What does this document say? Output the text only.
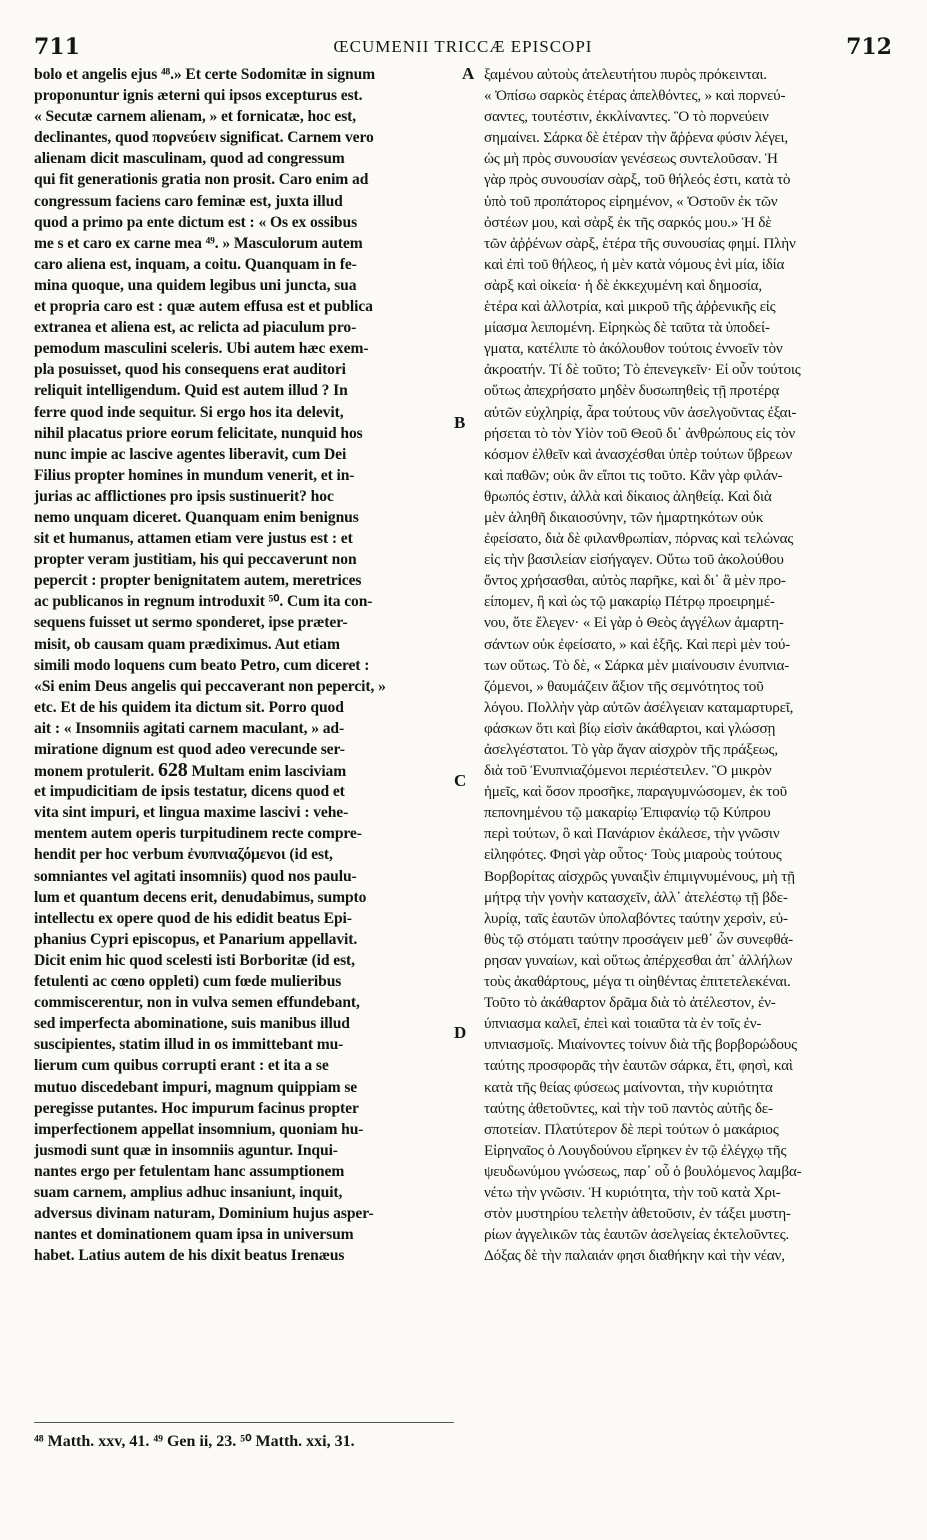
711	ŒCUMENII TRICCÆ EPISCOPI	712
bolo et angelis ejus ⁴⁸.» Et certe Sodomitæ in signum
proponuntur ignis æterni qui ipsos excepturus est.
« Secutæ carnem alienam, » et fornicatæ, hoc est,
declinantes, quod πορνεύειν significat. Carnem vero
alienam dicit masculinam, quod ad congressum
qui fit generationis gratia non prosit. Caro enim ad
congressum faciens caro feminæ est, juxta illud
quod a primo pa ente dictum est : « Os ex ossibus
me s et caro ex carne mea ⁴⁹. » Masculorum autem
caro aliena est, inquam, a coitu. Quanquam in fe-
mina quoque, una quidem legibus uni juncta, sua
et propria caro est : quæ autem effusa est et publica
extranea et aliena est, ac relicta ad piaculum pro-
pemodum masculini sceleris. Ubi autem hæc exem-
pla posuisset, quod his consequens erat auditori
reliquit intelligendum. Quid est autem illud ? In
ferre quod inde sequitur. Si ergo hos ita delevit,
nihil placatus priore eorum felicitate, nunquid hos
nunc impie ac lascive agentes liberavit, cum Dei
Filius propter homines in mundum venerit, et in-
jurias ac afflictiones pro ipsis sustinuerit? hoc
nemo unquam diceret. Quanquam enim benignus
sit et humanus, attamen etiam vere justus est : et
propter veram justitiam, his qui peccaverunt non
pepercit : propter benignitatem autem, meretrices
ac publicanos in regnum introduxit ⁵⁰. Cum ita con-
sequens fuisset ut sermo sponderet, ipse præter-
misit, ob causam quam prædiximus. Aut etiam
simili modo loquens cum beato Petro, cum diceret :
«Si enim Deus angelis qui peccaverant non pepercit, »
etc. Et de his quidem ita dictum sit. Porro quod
ait : « Insomniis agitati carnem maculant, » ad-
miratione dignum est quod adeo verecunde ser-
monem protulerit. 628 Multam enim lasciviam
et impudicitiam de ipsis testatur, dicens quod et
vita sint impuri, et lingua maxime lascivi : vehe-
mentem autem operis turpitudinem recte compre-
hendit per hoc verbum ἐνυπνιαζόμενοι (id est,
somniantes vel agitati insomniis) quod nos paulu-
lum et quantum decens erit, denudabimus, sumpto
intellectu ex opere quod de his edidit beatus Epi-
phanius Cypri episcopus, et Panarium appellavit.
Dicit enim hic quod scelesti isti Borboritæ (id est,
fetulenti ac cœno oppleti) cum fœde mulieribus
commiscerentur, non in vulva semen effundebant,
sed imperfecta abominatione, suis manibus illud
suscipientes, statim illud in os immittebant mu-
lierum cum quibus corrupti erant : et ita a se
mutuo discedebant impuri, magnum quippiam se
peregisse putantes. Hoc impurum facinus propter
imperfectionem appellat insomnium, quoniam hu-
jusmodi sunt quæ in insomniis aguntur. Inqui-
nantes ergo per fetulentam hanc assumptionem
suam carnem, amplius adhuc insaniunt, inquit,
adversus divinam naturam, Dominium hujus asper-
nantes et dominationem quam ipsa in universum
habet. Latius autem de his dixit beatus Irenæus
A
B
C
D
ξαμένου αὐτοὺς ἀτελευτήτου πυρὸς πρόκεινται.
« Ὀπίσω σαρκὸς ἑτέρας ἀπελθόντες, » καὶ πορνεύ-
σαντες, τουτέστιν, ἐκκλίναντες. Ὃ τὸ πορνεύειν
σημαίνει. Σάρκα δὲ ἑτέραν τὴν ἄῤῥενα φύσιν λέγει,
ὡς μὴ πρὸς συνουσίαν γενέσεως συντελοῦσαν. Ἡ
γὰρ πρὸς συνουσίαν σὰρξ, τοῦ θήλεός ἐστι, κατὰ τὸ
ὑπὸ τοῦ προπάτορος εἰρημένον, « Ὀστοῦν ἐκ τῶν
ὀστέων μου, καὶ σὰρξ ἐκ τῆς σαρκός μου.» Ἡ δὲ
τῶν ἀῤῥένων σὰρξ, ἑτέρα τῆς συνουσίας φημί. Πλὴν
καὶ ἐπὶ τοῦ θήλεος, ἡ μὲν κατὰ νόμους ἑνὶ μία, ἰδία
σὰρξ καὶ οἰκεία· ἡ δὲ ἐκκεχυμένη καὶ δημοσία,
ἑτέρα καὶ ἀλλοτρία, καὶ μικροῦ τῆς ἀῤῥενικῆς εἰς
μίασμα λειπομένη. Εἰρηκὼς δὲ ταῦτα τὰ ὑποδεί-
γματα, κατέλιπε τὸ ἀκόλουθον τούτοις ἐννοεῖν τὸν
ἀκροατήν. Τί δὲ τοῦτο; Τὸ ἐπενεγκεῖν· Εἰ οὖν τούτοις
οὕτως ἀπεχρήσατο μηδὲν δυσωπηθεὶς τῇ προτέρᾳ
αὐτῶν εὐχληρίᾳ, ἆρα τούτους νῦν ἀσελγοῦντας ἐξαι-
ρήσεται τὸ τὸν Υἱὸν τοῦ Θεοῦ δι᾽ ἀνθρώπους εἰς τὸν
κόσμον ἐλθεῖν καὶ ἀνασχέσθαι ὑπὲρ τούτων ὕβρεων
καὶ παθῶν; οὐκ ἂν εἴποι τις τοῦτο. Κἂν γὰρ φιλάν-
θρωπός ἐστιν, ἀλλὰ καὶ δίκαιος ἀληθείᾳ. Καὶ διὰ
μὲν ἀληθῆ δικαιοσύνην, τῶν ἡμαρτηκότων οὐκ
ἐφείσατο, διὰ δὲ φιλανθρωπίαν, πόρνας καὶ τελώνας
εἰς τὴν βασιλείαν εἰσήγαγεν. Οὕτω τοῦ ἀκολούθου
ὄντος χρήσασθαι, αὐτὸς παρῆκε, καὶ δι᾽ ἃ μὲν προ-
είπομεν, ἢ καὶ ὡς τῷ μακαρίῳ Πέτρῳ προειρημέ-
νου, ὅτε ἔλεγεν· « Εἰ γὰρ ὁ Θεὸς ἀγγέλων ἁμαρτη-
σάντων οὐκ ἐφείσατο, » καὶ ἑξῆς. Καὶ περὶ μὲν τού-
των οὕτως. Τὸ δὲ, « Σάρκα μὲν μιαίνουσιν ἐνυπνια-
ζόμενοι, » θαυμάζειν ἄξιον τῆς σεμνότητος τοῦ
λόγου. Πολλὴν γὰρ αὐτῶν ἀσέλγειαν καταμαρτυρεῖ,
φάσκων ὅτι καὶ βίῳ εἰσὶν ἀκάθαρτοι, καὶ γλώσσῃ
ἀσελγέστατοι. Τὸ γὰρ ἄγαν αἰσχρὸν τῆς πράξεως,
διὰ τοῦ Ἐνυπνιαζόμενοι περιέστειλεν. Ὃ μικρὸν
ἡμεῖς, καὶ ὅσον προσῆκε, παραγυμνώσομεν, ἐκ τοῦ
πεπονημένου τῷ μακαρίῳ Ἐπιφανίῳ τῷ Κύπρου
περὶ τούτων, ὃ καὶ Πανάριον ἐκάλεσε, τὴν γνῶσιν
εἰληφότες. Φησὶ γὰρ οὗτος· Τοὺς μιαροὺς τούτους
Βορβορίτας αἰσχρῶς γυναιξὶν ἐπιμιγνυμένους, μὴ τῇ
μήτρᾳ τὴν γονὴν κατασχεῖν, ἀλλ᾽ ἀτελέστῳ τῇ βδε-
λυρίᾳ, ταῖς ἑαυτῶν ὑπολαβόντες ταύτην χερσὶν, εὐ-
θὺς τῷ στόματι ταύτην προσάγειν μεθ᾽ ὧν συνεφθά-
ρησαν γυναίων, καὶ οὕτως ἀπέρχεσθαι ἀπ᾽ ἀλλήλων
τοὺς ἀκαθάρτους, μέγα τι οἰηθέντας ἐπιτετελεκέναι.
Τοῦτο τὸ ἀκάθαρτον δρᾶμα διὰ τὸ ἀτέλεστον, ἐν-
ύπνιασμα καλεῖ, ἐπεὶ καὶ τοιαῦτα τὰ ἐν τοῖς ἐν-
υπνιασμοῖς. Μιαίνοντες τοίνυν διὰ τῆς βορβορώδους
ταύτης προσφορᾶς τὴν ἑαυτῶν σάρκα, ἔτι, φησὶ, καὶ
κατὰ τῆς θείας φύσεως μαίνονται, τὴν κυριότητα
ταύτης ἀθετοῦντες, καὶ τὴν τοῦ παντὸς αὐτῆς δε-
σποτείαν. Πλατύτερον δὲ περὶ τούτων ὁ μακάριος
Εἰρηναῖος ὁ Λουγδούνου εἴρηκεν ἐν τῷ ἐλέγχῳ τῆς
ψευδωνύμου γνώσεως, παρ᾽ οὗ ὁ βουλόμενος λαμβα-
νέτω τὴν γνῶσιν. Ἡ κυριότητα, τὴν τοῦ κατὰ Χρι-
στὸν μυστηρίου τελετὴν ἀθετοῦσιν, ἐν τάξει μυστη-
ρίων ἀγγελικῶν τὰς ἑαυτῶν ἀσελγείας ἐκτελοῦντες.
Δόξας δὲ τὴν παλαιάν φησι διαθήκην καὶ τὴν νέαν,
⁴⁸ Matth. xxv, 41. ⁴⁹ Gen ii, 23. ⁵⁰ Matth. xxi, 31.
